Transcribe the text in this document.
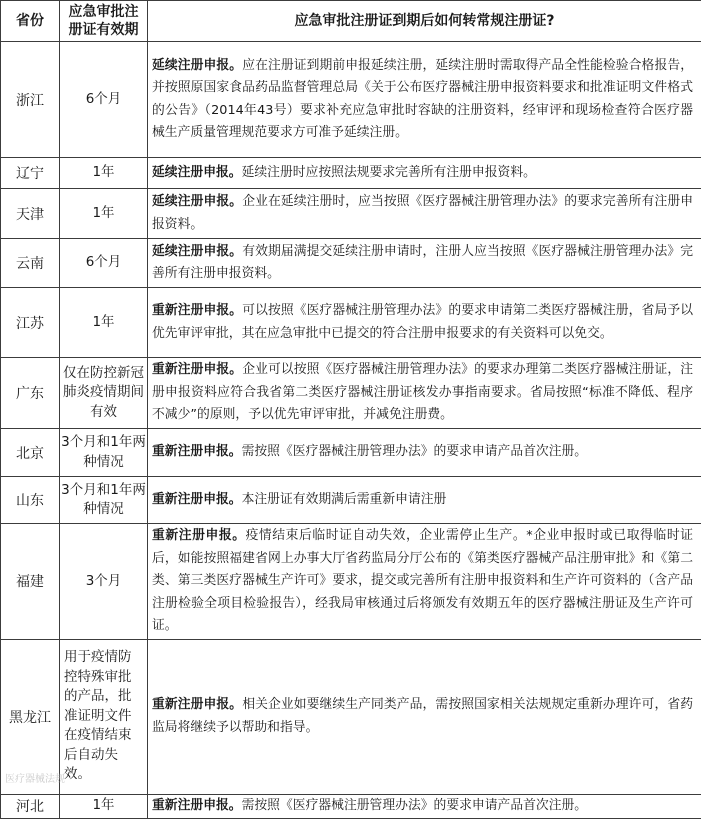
省份	应急审批注册证有效期	应急审批注册证到期后如何转常规注册证?
浙江	6个月	延续注册申报。应在注册证到期前申报延续注册，延续注册时需取得产品全性能检验合格报告，并按照原国家食品药品监督管理总局《关于公布医疗器械注册申报资料要求和批准证明文件格式的公告》（2014年43号）要求补充应急审批时容缺的注册资料，经审评和现场检查符合医疗器械生产质量管理规范要求方可准予延续注册。
辽宁	1年	延续注册申报。延续注册时应按照法规要求完善所有注册申报资料。
天津	1年	延续注册申报。企业在延续注册时，应当按照《医疗器械注册管理办法》的要求完善所有注册申报资料。
云南	6个月	延续注册申报。有效期届满提交延续注册申请时，注册人应当按照《医疗器械注册管理办法》完善所有注册申报资料。
江苏	1年	重新注册申报。可以按照《医疗器械注册管理办法》的要求申请第二类医疗器械注册，省局予以优先审评审批，其在应急审批中已提交的符合注册申报要求的有关资料可以免交。
广东	仅在防控新冠肺炎疫情期间有效	重新注册申报。企业可以按照《医疗器械注册管理办法》的要求办理第二类医疗器械注册证，注册申报资料应符合我省第二类医疗器械注册证核发办事指南要求。省局按照“标准不降低、程序不减少”的原则，予以优先审评审批，并减免注册费。
北京	3个月和1年两种情况	重新注册申报。需按照《医疗器械注册管理办法》的要求申请产品首次注册。
山东	3个月和1年两种情况	重新注册申报。本注册证有效期满后需重新申请注册
福建	3个月	重新注册申报。疫情结束后临时证自动失效，企业需停止生产。*企业申报时或已取得临时证后，如能按照福建省网上办事大厅省药监局分厅公布的《第类医疗器械产品注册审批》和《第二类、第三类医疗器械生产许可》要求，提交或完善所有注册申报资料和生产许可资料的（含产品注册检验全项目检验报告），经我局审核通过后将颁发有效期五年的医疗器械注册证及生产许可证。
黑龙江	用于疫情防控特殊审批的产品，批准证明文件在疫情结束后自动失效。	重新注册申报。相关企业如要继续生产同类产品，需按照国家相关法规规定重新办理许可，省药监局将继续予以帮助和指导。
河北	1年	重新注册申报。需按照《医疗器械注册管理办法》的要求申请产品首次注册。
医疗器械法规
